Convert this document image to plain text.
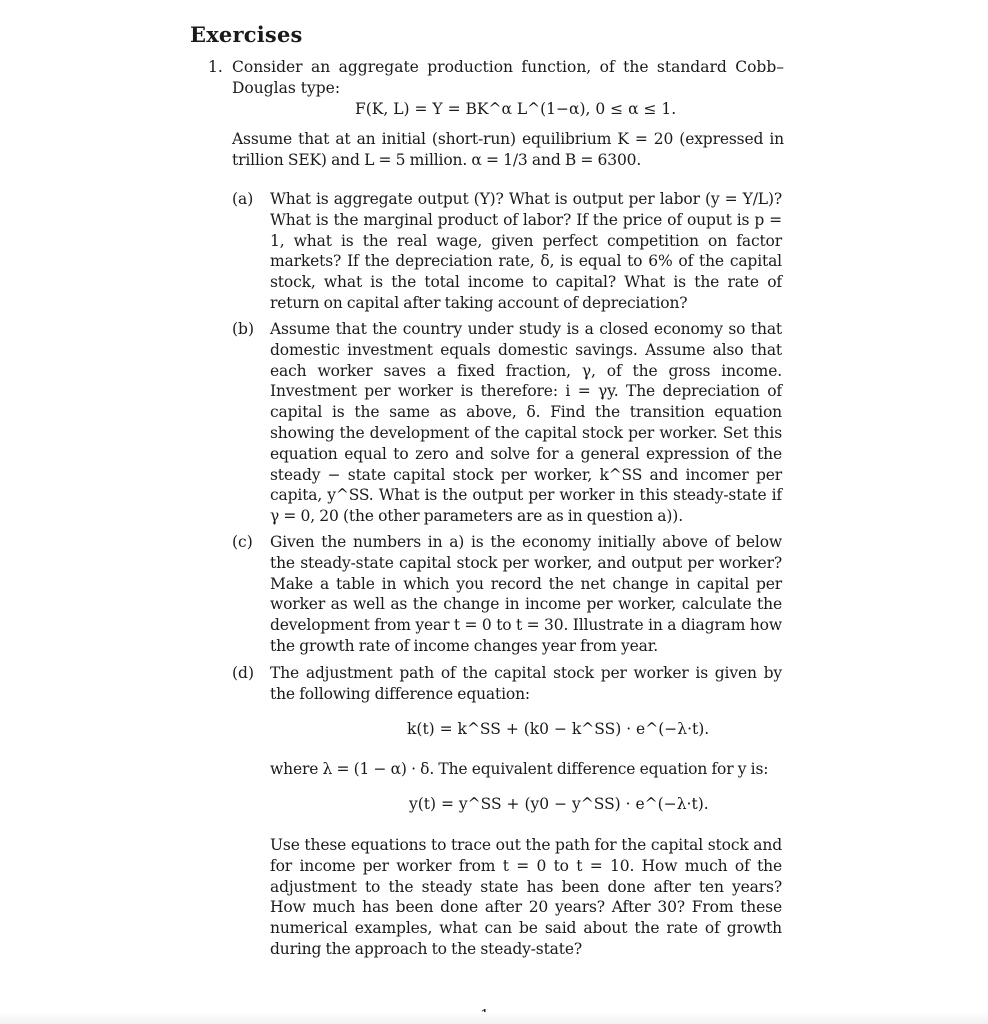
Exercises
1. Consider an aggregate production function, of the standard Cobb–Douglas type:
F(K, L) = Y = BK^α L^(1−α), 0 ≤ α ≤ 1.
Assume that at an initial (short-run) equilibrium K = 20 (expressed in trillion SEK) and L = 5 million. α = 1/3 and B = 6300.
(a) What is aggregate output (Y)? What is output per labor (y = Y/L)? What is the marginal product of labor? If the price of ouput is p = 1, what is the real wage, given perfect competition on factor markets? If the depreciation rate, δ, is equal to 6% of the capital stock, what is the total income to capital? What is the rate of return on capital after taking account of depreciation?
(b) Assume that the country under study is a closed economy so that domestic investment equals domestic savings. Assume also that each worker saves a fixed fraction, γ, of the gross income. Investment per worker is therefore: i = γy. The depreciation of capital is the same as above, δ. Find the transition equation showing the development of the capital stock per worker. Set this equation equal to zero and solve for a general expression of the steady − state capital stock per worker, k^SS and incomer per capita, y^SS. What is the output per worker in this steady-state if γ = 0, 20 (the other parameters are as in question a)).
(c) Given the numbers in a) is the economy initially above of below the steady-state capital stock per worker, and output per worker? Make a table in which you record the net change in capital per worker as well as the change in income per worker, calculate the development from year t = 0 to t = 30. Illustrate in a diagram how the growth rate of income changes year from year.
(d) The adjustment path of the capital stock per worker is given by the following difference equation:
k(t) = k^SS + (k0 − k^SS) · e^(−λ·t).
where λ = (1 − α) · δ. The equivalent difference equation for y is:
y(t) = y^SS + (y0 − y^SS) · e^(−λ·t).
Use these equations to trace out the path for the capital stock and for income per worker from t = 0 to t = 10. How much of the adjustment to the steady state has been done after ten years? How much has been done after 20 years? After 30? From these numerical examples, what can be said about the rate of growth during the approach to the steady-state?
